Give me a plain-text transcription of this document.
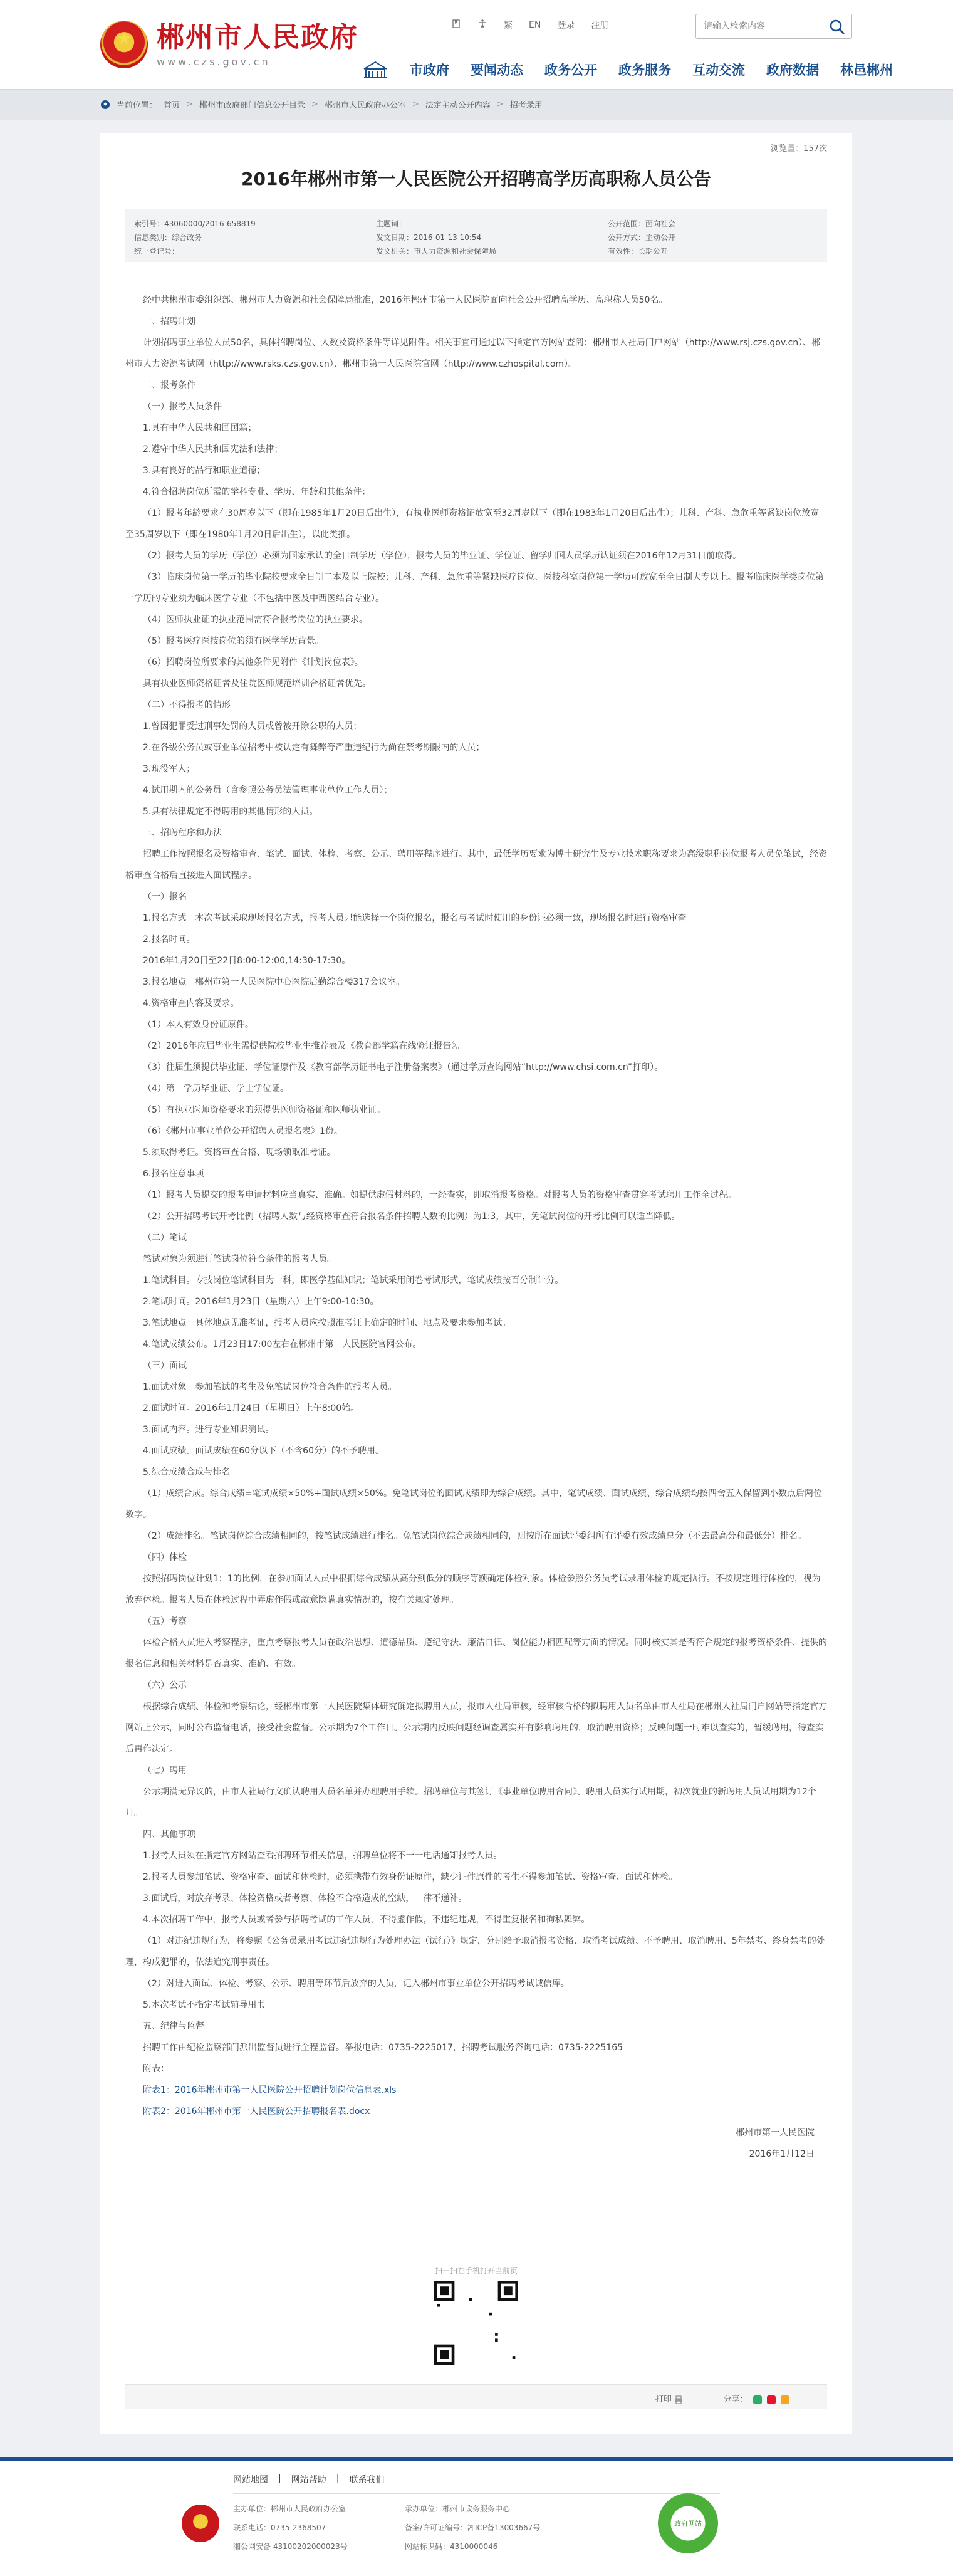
★
郴州市人民政府
www.czs.gov.cn
繁 EN 登录 注册
请输入检索内容
市政府 要闻动态 政务公开 政务服务 互动交流 政府数据 林邑郴州
当前位置： 首页 > 郴州市政府部门信息公开目录 > 郴州市人民政府办公室 > 法定主动公开内容 > 招考录用
浏览量：157次
2016年郴州市第一人民医院公开招聘高学历高职称人员公告
索引号：43060000/2016-658819
信息类别：综合政务
统一登记号：
主题词：
发文日期：2016-01-13 10:54
发文机关：市人力资源和社会保障局
公开范围：面向社会
公开方式：主动公开
有效性：长期公开

经中共郴州市委组织部、郴州市人力资源和社会保障局批准，2016年郴州市第一人民医院面向社会公开招聘高学历、高职称人员50名。

一、招聘计划

计划招聘事业单位人员50名，具体招聘岗位、人数及资格条件等详见附件。相关事宜可通过以下指定官方网站查阅：郴州市人社局门户网站（http://www.rsj.czs.gov.cn）、郴州市人力资源考试网（http://www.rsks.czs.gov.cn）、郴州市第一人民医院官网（http://www.czhospital.com）。

二、报考条件

（一）报考人员条件

1.具有中华人民共和国国籍；

2.遵守中华人民共和国宪法和法律；

3.具有良好的品行和职业道德；

4.符合招聘岗位所需的学科专业、学历、年龄和其他条件：

（1）报考年龄要求在30周岁以下（即在1985年1月20日后出生），有执业医师资格证放宽至32周岁以下（即在1983年1月20日后出生）；儿科、产科、急危重等紧缺岗位放宽至35周岁以下（即在1980年1月20日后出生），以此类推。

（2）报考人员的学历（学位）必须为国家承认的全日制学历（学位），报考人员的毕业证、学位证、留学归国人员学历认证须在2016年12月31日前取得。

（3）临床岗位第一学历的毕业院校要求全日制二本及以上院校；儿科、产科、急危重等紧缺医疗岗位、医技科室岗位第一学历可放宽至全日制大专以上。报考临床医学类岗位第一学历的专业须为临床医学专业（不包括中医及中西医结合专业）。

（4）医师执业证的执业范围需符合报考岗位的执业要求。

（5）报考医疗医技岗位的须有医学学历背景。

（6）招聘岗位所要求的其他条件见附件《计划岗位表》。

具有执业医师资格证者及住院医师规范培训合格证者优先。

（二）不得报考的情形

1.曾因犯罪受过刑事处罚的人员或曾被开除公职的人员；

2.在各级公务员或事业单位招考中被认定有舞弊等严重违纪行为尚在禁考期限内的人员；

3.现役军人；

4.试用期内的公务员（含参照公务员法管理事业单位工作人员）；

5.具有法律规定不得聘用的其他情形的人员。

三、招聘程序和办法

招聘工作按照报名及资格审查、笔试、面试、体检、考察、公示、聘用等程序进行。其中，最低学历要求为博士研究生及专业技术职称要求为高级职称岗位报考人员免笔试，经资格审查合格后直接进入面试程序。

（一）报名

1.报名方式。本次考试采取现场报名方式，报考人员只能选择一个岗位报名，报名与考试时使用的身份证必须一致，现场报名时进行资格审查。

2.报名时间。

2016年1月20日至22日8:00-12:00,14:30-17:30。

3.报名地点。郴州市第一人民医院中心医院后勤综合楼317会议室。

4.资格审查内容及要求。

（1）本人有效身份证原件。

（2）2016年应届毕业生需提供院校毕业生推荐表及《教育部学籍在线验证报告》。

（3）往届生须提供毕业证、学位证原件及《教育部学历证书电子注册备案表》（通过学历查询网站“http://www.chsi.com.cn”打印）。

（4）第一学历毕业证、学士学位证。

（5）有执业医师资格要求的须提供医师资格证和医师执业证。

（6）《郴州市事业单位公开招聘人员报名表》1份。

5.须取得考证。资格审查合格、现场领取准考证。

6.报名注意事项

（1）报考人员提交的报考申请材料应当真实、准确。如提供虚假材料的，一经查实，即取消报考资格。对报考人员的资格审查贯穿考试聘用工作全过程。

（2）公开招聘考试开考比例（招聘人数与经资格审查符合报名条件招聘人数的比例）为1:3，其中，免笔试岗位的开考比例可以适当降低。

（二）笔试

笔试对象为须进行笔试岗位符合条件的报考人员。

1.笔试科目。专技岗位笔试科目为一科，即医学基础知识；笔试采用闭卷考试形式，笔试成绩按百分制计分。

2.笔试时间。2016年1月23日（星期六）上午9:00-10:30。

3.笔试地点。具体地点见准考证，报考人员应按照准考证上确定的时间、地点及要求参加考试。

4.笔试成绩公布。1月23日17:00左右在郴州市第一人民医院官网公布。

（三）面试

1.面试对象。参加笔试的考生及免笔试岗位符合条件的报考人员。

2.面试时间。2016年1月24日（星期日）上午8:00始。

3.面试内容。进行专业知识测试。

4.面试成绩。面试成绩在60分以下（不含60分）的不予聘用。

5.综合成绩合成与排名

（1）成绩合成。综合成绩=笔试成绩×50%+面试成绩×50%。免笔试岗位的面试成绩即为综合成绩。其中，笔试成绩、面试成绩、综合成绩均按四舍五入保留到小数点后两位数字。

（2）成绩排名。笔试岗位综合成绩相同的，按笔试成绩进行排名。免笔试岗位综合成绩相同的，则按所在面试评委组所有评委有效成绩总分（不去最高分和最低分）排名。

（四）体检

按照招聘岗位计划1：1的比例，在参加面试人员中根据综合成绩从高分到低分的顺序等额确定体检对象。体检参照公务员考试录用体检的规定执行。不按规定进行体检的，视为放弃体检。报考人员在体检过程中弄虚作假或故意隐瞒真实情况的，按有关规定处理。

（五）考察

体检合格人员进入考察程序，重点考察报考人员在政治思想、道德品质、遵纪守法、廉洁自律、岗位能力相匹配等方面的情况。同时核实其是否符合规定的报考资格条件、提供的报名信息和相关材料是否真实、准确、有效。

（六）公示

根据综合成绩、体检和考察结论，经郴州市第一人民医院集体研究确定拟聘用人员，报市人社局审核，经审核合格的拟聘用人员名单由市人社局在郴州人社局门户网站等指定官方网站上公示，同时公布监督电话，接受社会监督。公示期为7个工作日。公示期内反映问题经调查属实并有影响聘用的，取消聘用资格；反映问题一时难以查实的，暂缓聘用，待查实后再作决定。

（七）聘用

公示期满无异议的，由市人社局行文确认聘用人员名单并办理聘用手续。招聘单位与其签订《事业单位聘用合同》。聘用人员实行试用期，初次就业的新聘用人员试用期为12个月。

四、其他事项

1.报考人员须在指定官方网站查看招聘环节相关信息，招聘单位将不一一电话通知报考人员。

2.报考人员参加笔试、资格审查、面试和体检时，必须携带有效身份证原件，缺少证件原件的考生不得参加笔试、资格审查、面试和体检。

3.面试后，对放弃考录、体检资格或者考察、体检不合格造成的空缺，一律不递补。

4.本次招聘工作中，报考人员或者参与招聘考试的工作人员，不得虚作假，不违纪违规，不得重复报名和徇私舞弊。

（1）对违纪违规行为，将参照《公务员录用考试违纪违规行为处理办法（试行）》规定，分别给予取消报考资格、取消考试成绩、不予聘用、取消聘用、5年禁考、终身禁考的处理，构成犯罪的，依法追究刑事责任。

（2）对进入面试、体检、考察、公示、聘用等环节后放弃的人员，记入郴州市事业单位公开招聘考试诚信库。

5.本次考试不指定考试辅导用书。

五、纪律与监督

招聘工作由纪检监察部门派出监督员进行全程监督。举报电话：0735-2225017，招聘考试服务咨询电话：0735-2225165

附表：

附表1：2016年郴州市第一人民医院公开招聘计划岗位信息表.xls

附表2：2016年郴州市第一人民医院公开招聘报名表.docx

郴州市第一人民医院

2016年1月12日

扫一扫在手机打开当前页
打印	分享：
网站地图 | 网站帮助 | 联系我们
主办单位：郴州市人民政府办公室
联系电话：0735-2368507
湘公网安备 43100202000023号
承办单位：郴州市政务服务中心
备案/许可证编号：湘ICP备13003667号
网站标识码：4310000046
政府网站
